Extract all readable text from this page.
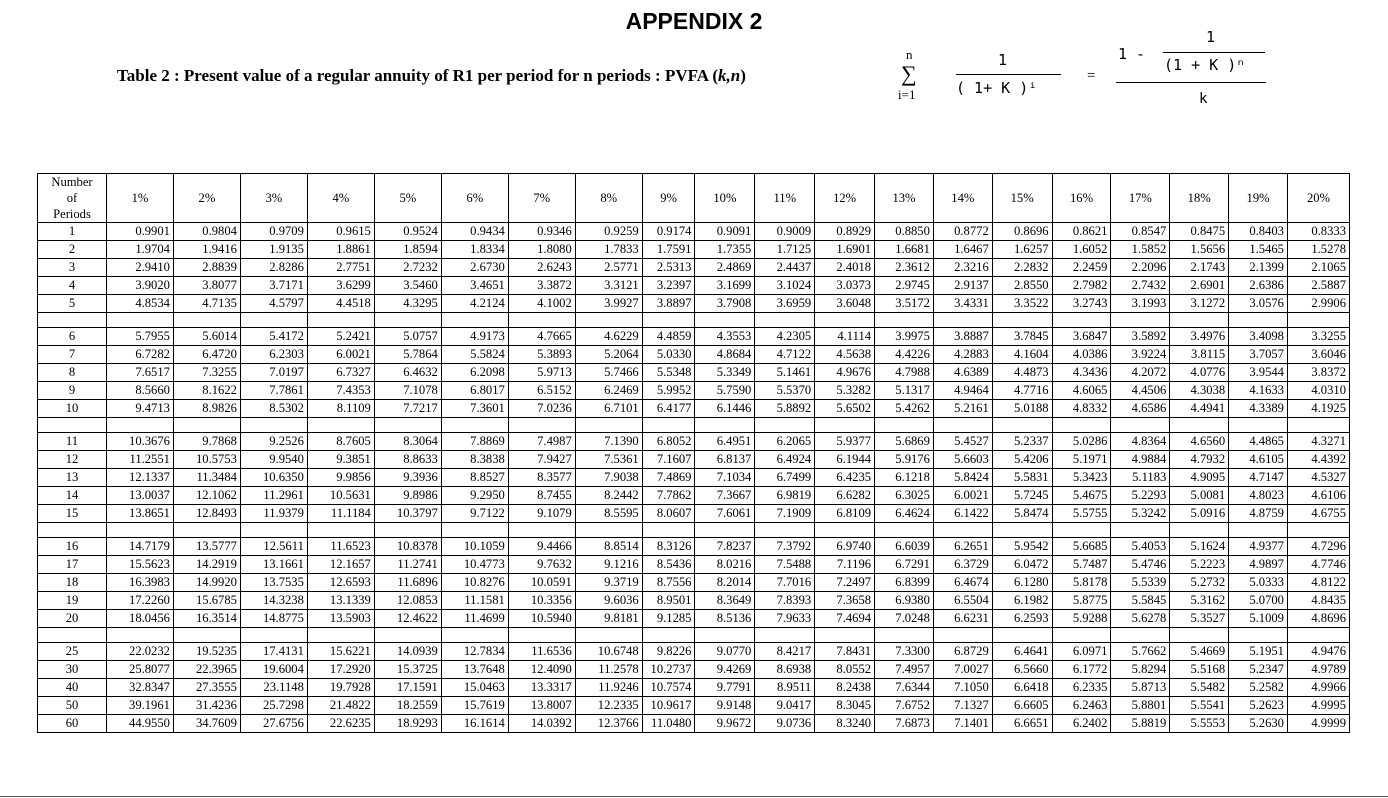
APPENDIX 2
Table 2 : Present value of a regular annuity of R1 per period for n periods : PVFA (k,n)
n
∑
i=1
1
( 1+ K )ⁱ
=
1 -
1
(1 + K )ⁿ
k
Number
of
Periods	1%	2%	3%	4%	5%	6%	7%	8%	9%	10%	11%	12%	13%	14%	15%	16%	17%	18%	19%	20%
1	0.9901	0.9804	0.9709	0.9615	0.9524	0.9434	0.9346	0.9259	0.9174	0.9091	0.9009	0.8929	0.8850	0.8772	0.8696	0.8621	0.8547	0.8475	0.8403	0.8333
2	1.9704	1.9416	1.9135	1.8861	1.8594	1.8334	1.8080	1.7833	1.7591	1.7355	1.7125	1.6901	1.6681	1.6467	1.6257	1.6052	1.5852	1.5656	1.5465	1.5278
3	2.9410	2.8839	2.8286	2.7751	2.7232	2.6730	2.6243	2.5771	2.5313	2.4869	2.4437	2.4018	2.3612	2.3216	2.2832	2.2459	2.2096	2.1743	2.1399	2.1065
4	3.9020	3.8077	3.7171	3.6299	3.5460	3.4651	3.3872	3.3121	3.2397	3.1699	3.1024	3.0373	2.9745	2.9137	2.8550	2.7982	2.7432	2.6901	2.6386	2.5887
5	4.8534	4.7135	4.5797	4.4518	4.3295	4.2124	4.1002	3.9927	3.8897	3.7908	3.6959	3.6048	3.5172	3.4331	3.3522	3.2743	3.1993	3.1272	3.0576	2.9906

6	5.7955	5.6014	5.4172	5.2421	5.0757	4.9173	4.7665	4.6229	4.4859	4.3553	4.2305	4.1114	3.9975	3.8887	3.7845	3.6847	3.5892	3.4976	3.4098	3.3255
7	6.7282	6.4720	6.2303	6.0021	5.7864	5.5824	5.3893	5.2064	5.0330	4.8684	4.7122	4.5638	4.4226	4.2883	4.1604	4.0386	3.9224	3.8115	3.7057	3.6046
8	7.6517	7.3255	7.0197	6.7327	6.4632	6.2098	5.9713	5.7466	5.5348	5.3349	5.1461	4.9676	4.7988	4.6389	4.4873	4.3436	4.2072	4.0776	3.9544	3.8372
9	8.5660	8.1622	7.7861	7.4353	7.1078	6.8017	6.5152	6.2469	5.9952	5.7590	5.5370	5.3282	5.1317	4.9464	4.7716	4.6065	4.4506	4.3038	4.1633	4.0310
10	9.4713	8.9826	8.5302	8.1109	7.7217	7.3601	7.0236	6.7101	6.4177	6.1446	5.8892	5.6502	5.4262	5.2161	5.0188	4.8332	4.6586	4.4941	4.3389	4.1925

11	10.3676	9.7868	9.2526	8.7605	8.3064	7.8869	7.4987	7.1390	6.8052	6.4951	6.2065	5.9377	5.6869	5.4527	5.2337	5.0286	4.8364	4.6560	4.4865	4.3271
12	11.2551	10.5753	9.9540	9.3851	8.8633	8.3838	7.9427	7.5361	7.1607	6.8137	6.4924	6.1944	5.9176	5.6603	5.4206	5.1971	4.9884	4.7932	4.6105	4.4392
13	12.1337	11.3484	10.6350	9.9856	9.3936	8.8527	8.3577	7.9038	7.4869	7.1034	6.7499	6.4235	6.1218	5.8424	5.5831	5.3423	5.1183	4.9095	4.7147	4.5327
14	13.0037	12.1062	11.2961	10.5631	9.8986	9.2950	8.7455	8.2442	7.7862	7.3667	6.9819	6.6282	6.3025	6.0021	5.7245	5.4675	5.2293	5.0081	4.8023	4.6106
15	13.8651	12.8493	11.9379	11.1184	10.3797	9.7122	9.1079	8.5595	8.0607	7.6061	7.1909	6.8109	6.4624	6.1422	5.8474	5.5755	5.3242	5.0916	4.8759	4.6755

16	14.7179	13.5777	12.5611	11.6523	10.8378	10.1059	9.4466	8.8514	8.3126	7.8237	7.3792	6.9740	6.6039	6.2651	5.9542	5.6685	5.4053	5.1624	4.9377	4.7296
17	15.5623	14.2919	13.1661	12.1657	11.2741	10.4773	9.7632	9.1216	8.5436	8.0216	7.5488	7.1196	6.7291	6.3729	6.0472	5.7487	5.4746	5.2223	4.9897	4.7746
18	16.3983	14.9920	13.7535	12.6593	11.6896	10.8276	10.0591	9.3719	8.7556	8.2014	7.7016	7.2497	6.8399	6.4674	6.1280	5.8178	5.5339	5.2732	5.0333	4.8122
19	17.2260	15.6785	14.3238	13.1339	12.0853	11.1581	10.3356	9.6036	8.9501	8.3649	7.8393	7.3658	6.9380	6.5504	6.1982	5.8775	5.5845	5.3162	5.0700	4.8435
20	18.0456	16.3514	14.8775	13.5903	12.4622	11.4699	10.5940	9.8181	9.1285	8.5136	7.9633	7.4694	7.0248	6.6231	6.2593	5.9288	5.6278	5.3527	5.1009	4.8696

25	22.0232	19.5235	17.4131	15.6221	14.0939	12.7834	11.6536	10.6748	9.8226	9.0770	8.4217	7.8431	7.3300	6.8729	6.4641	6.0971	5.7662	5.4669	5.1951	4.9476
30	25.8077	22.3965	19.6004	17.2920	15.3725	13.7648	12.4090	11.2578	10.2737	9.4269	8.6938	8.0552	7.4957	7.0027	6.5660	6.1772	5.8294	5.5168	5.2347	4.9789
40	32.8347	27.3555	23.1148	19.7928	17.1591	15.0463	13.3317	11.9246	10.7574	9.7791	8.9511	8.2438	7.6344	7.1050	6.6418	6.2335	5.8713	5.5482	5.2582	4.9966
50	39.1961	31.4236	25.7298	21.4822	18.2559	15.7619	13.8007	12.2335	10.9617	9.9148	9.0417	8.3045	7.6752	7.1327	6.6605	6.2463	5.8801	5.5541	5.2623	4.9995
60	44.9550	34.7609	27.6756	22.6235	18.9293	16.1614	14.0392	12.3766	11.0480	9.9672	9.0736	8.3240	7.6873	7.1401	6.6651	6.2402	5.8819	5.5553	5.2630	4.9999
